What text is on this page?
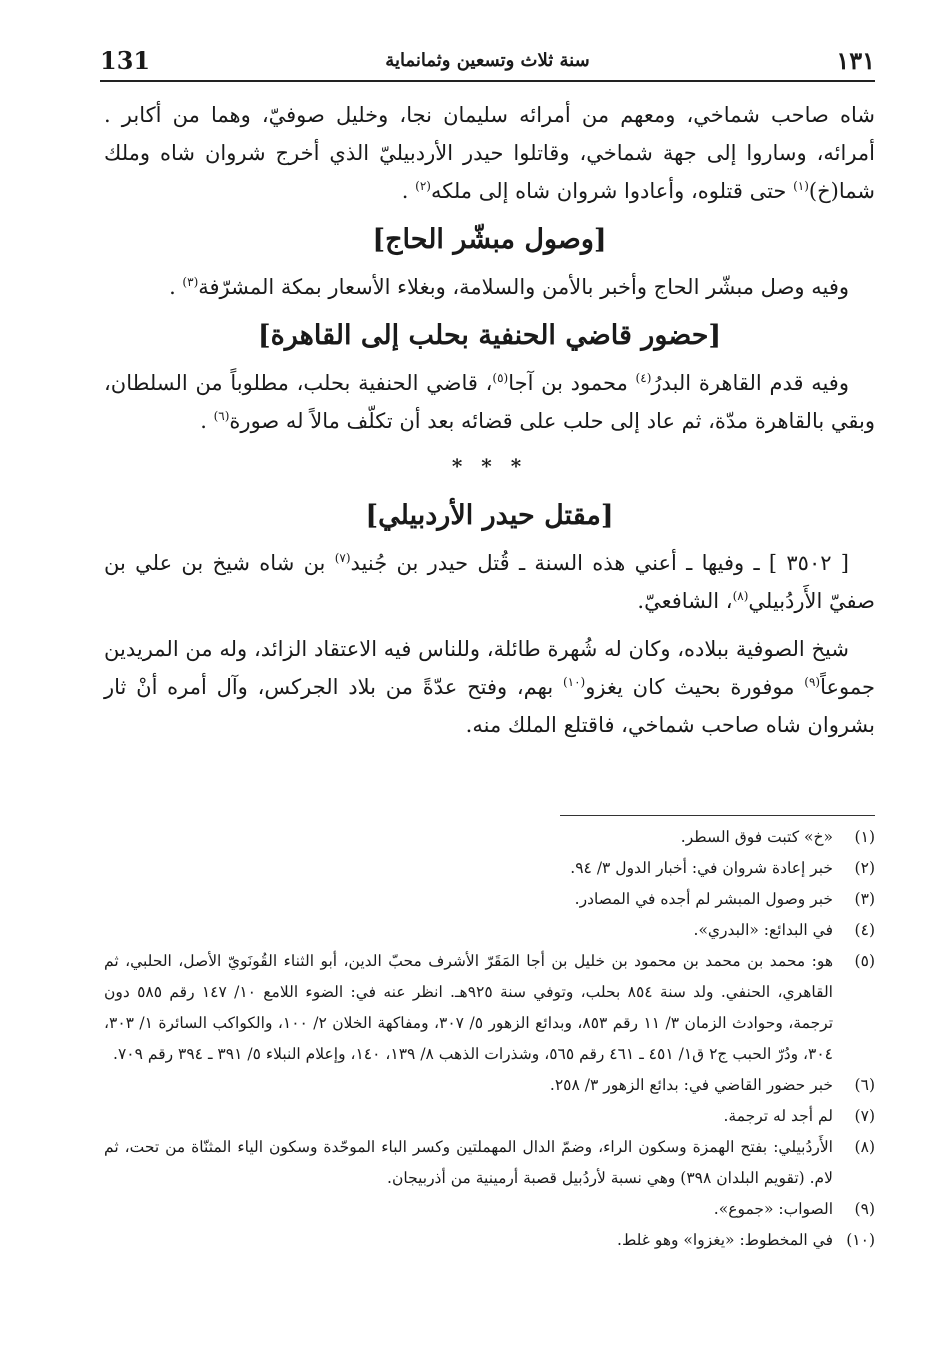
131	سنة ثلاث وتسعين وثمانماية	١٣١

شاه صاحب شماخي، ومعهم من أمرائه سليمان نجا، وخليل صوفيّ، وهما من أكابر . أمرائه، وساروا إلى جهة شماخي، وقاتلوا حيدر الأردبيليّ الذي أخرج شروان شاه وملك شما(خ)$^{(١)}$ حتى قتلوه، وأعادوا شروان شاه إلى ملكه$^{(٢)}$ .

[وصول مبشّر الحاج]

وفيه وصل مبشّر الحاج وأخبر بالأمن والسلامة، وبغلاء الأسعار بمكة المشرّفة$^{(٣)}$ .

[حضور قاضي الحنفية بحلب إلى القاهرة]

وفيه قدم القاهرة البدرُ$^{(٤)}$ محمود بن آجا$^{(٥)}$، قاضي الحنفية بحلب، مطلوباً من السلطان، وبقي بالقاهرة مدّة، ثم عاد إلى حلب على قضائه بعد أن تكلّف مالاً له صورة$^{(٦)}$ .

* * *
[مقتل حيدر الأردبيلي]

[ ٣٥٠٢ ] ـ وفيها ـ أعني هذه السنة ـ قُتل حيدر بن جُنيد$^{(٧)}$ بن شاه شيخ بن علي بن صفيّ الأَردُبيلي$^{(٨)}$، الشافعيّ.

شيخ الصوفية ببلاده، وكان له شُهرة طائلة، وللناس فيه الاعتقاد الزائد، وله من المريدين جموعاً$^{(٩)}$ موفورة بحيث كان يغزو$^{(١٠)}$ بهم، وفتح عدّةً من بلاد الجركس، وآل أمره أنْ ثار بشروان شاه صاحب شماخي، فاقتلع الملك منه.

(١)
«خ» كتبت فوق السطر.
(٢)
خبر إعادة شروان في: أخبار الدول ٣/ ٩٤.
(٣)
خبر وصول المبشر لم أجده في المصادر.
(٤)
في البدائع: «البدري».
(٥)
هو: محمد بن محمد بن محمود بن خليل بن أجا المَقَرّ الأشرف محبّ الدين، أبو الثناء القُونَويّ الأصل، الحلبي، ثم القاهري، الحنفي. ولد سنة ٨٥٤ بحلب، وتوفي سنة ٩٢٥هـ. انظر عنه في: الضوء اللامع ١٠/ ١٤٧ رقم ٥٨٥ دون ترجمة، وحوادث الزمان ٣/ ١١ رقم ٨٥٣، وبدائع الزهور ٥/ ٣٠٧، ومفاكهة الخلان ٢/ ١٠٠، والكواكب السائرة ١/ ٣٠٣، ٣٠٤، ودُرّ الحبب ج٢ ق١/ ٤٥١ ـ ٤٦١ رقم ٥٦٥، وشذرات الذهب ٨/ ١٣٩، ١٤٠، وإعلام النبلاء ٥/ ٣٩١ ـ ٣٩٤ رقم ٧٠٩.
(٦)
خبر حضور القاضي في: بدائع الزهور ٣/ ٢٥٨.
(٧)
لم أجد له ترجمة.
(٨)
الأَردُبيلي: بفتح الهمزة وسكون الراء، وضمّ الدال المهملتين وكسر الباء الموحّدة وسكون الياء المثنّاة من تحت، ثم لام. (تقويم البلدان ٣٩٨) وهي نسبة لأردُبيل قصبة أرمينية من أذربيجان.
(٩)
الصواب: «جموع».
(١٠)
في المخطوط: «يغزوا» وهو غلط.
